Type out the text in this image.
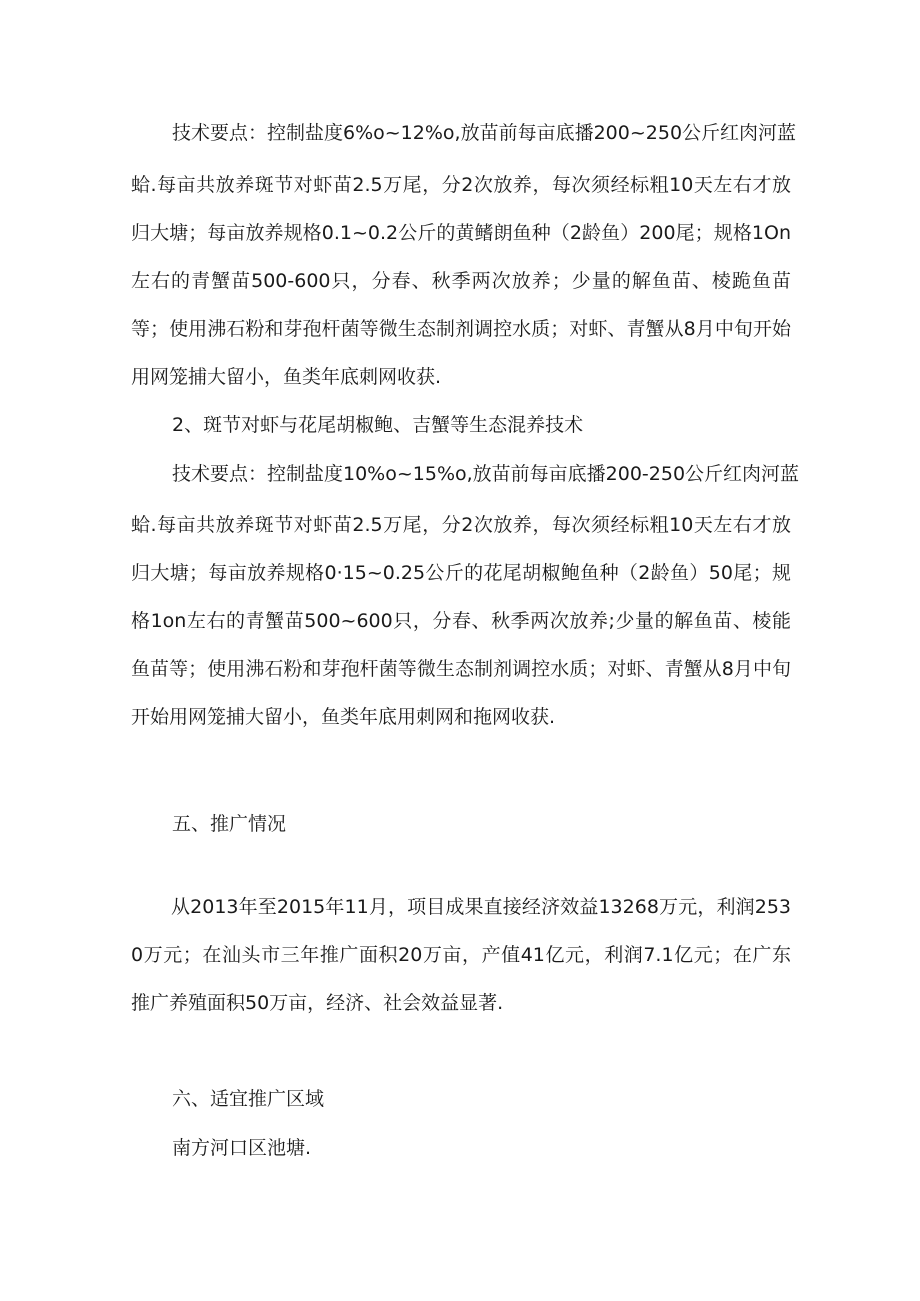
技术要点：控制盐度6%o~12%o,放苗前每亩底播200~250公斤红肉河蓝
蛤.每亩共放养斑节对虾苗2.5万尾，分2次放养，每次须经标粗10天左右才放归大塘；每亩放养规格0.1~0.2公斤的黄鳍朗鱼种（2龄鱼）200尾；规格1On左右的青蟹苗500-600只，分春、秋季两次放养；少量的解鱼苗、棱跪鱼苗等；使用沸石粉和芽孢杆菌等微生态制剂调控水质；对虾、青蟹从8月中旬开始用网笼捕大留小，鱼类年底刺网收获.
2、斑节对虾与花尾胡椒鲍、吉蟹等生态混养技术
技术要点：控制盐度10%o~15%o,放苗前每亩底播200-250公斤红肉河蓝
蛤.每亩共放养斑节对虾苗2.5万尾，分2次放养，每次须经标粗10天左右才放归大塘；每亩放养规格0·15~0.25公斤的花尾胡椒鲍鱼种（2龄鱼）50尾；规格1on左右的青蟹苗500~600只，分春、秋季两次放养;少量的解鱼苗、棱能鱼苗等；使用沸石粉和芽孢杆菌等微生态制剂调控水质；对虾、青蟹从8月中旬开始用网笼捕大留小，鱼类年底用刺网和拖网收获.
五、推广情况
从2013年至2015年11月，项目成果直接经济效益13268万元，利润2530万元；在汕头市三年推广面积20万亩，产值41亿元，利润7.1亿元；在广东推广养殖面积50万亩，经济、社会效益显著.
六、适宜推广区域
南方河口区池塘.
